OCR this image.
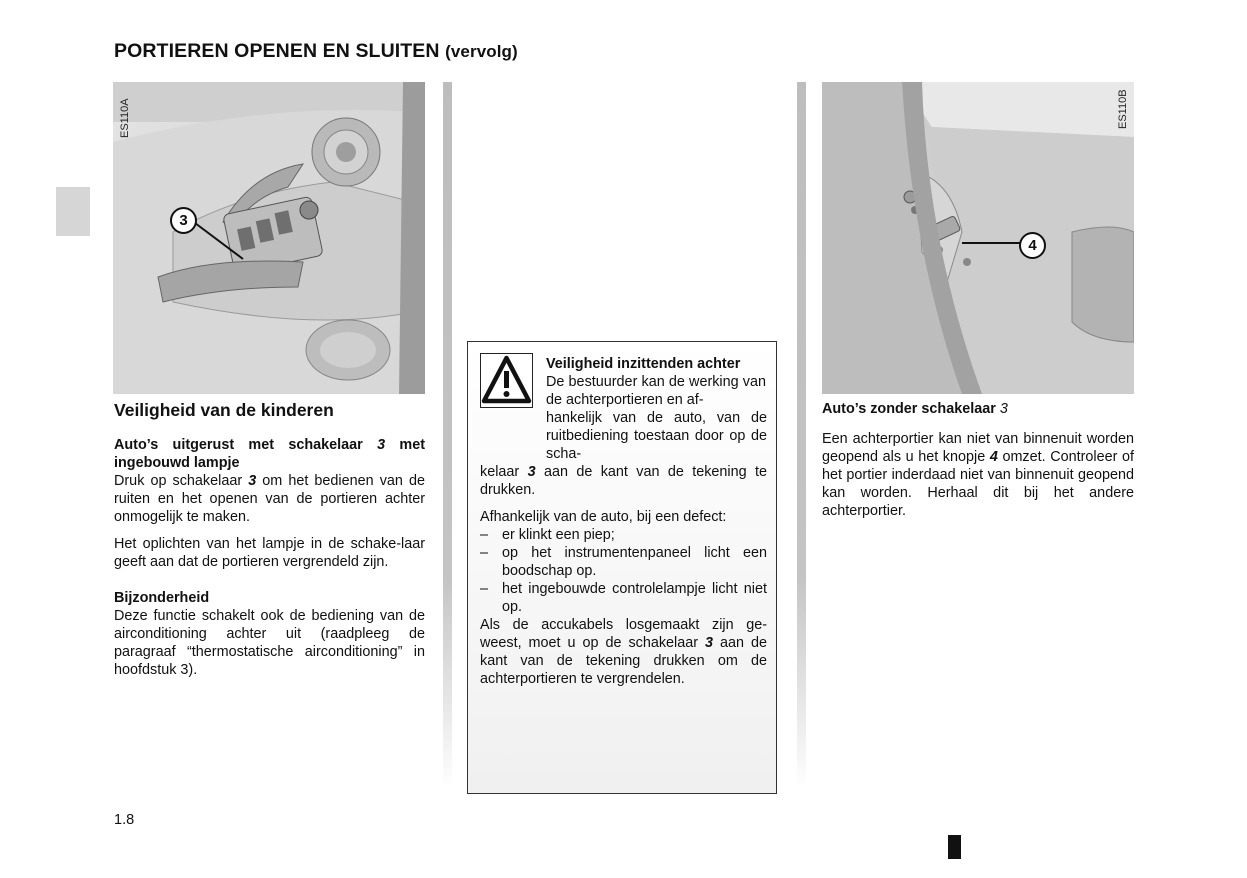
PORTIEREN OPENEN EN SLUITEN (vervolg)
ES110A
3
ES110B
4
Veiligheid van de kinderen
Auto’s uitgerust met schakelaar 3 met ingebouwd lampje

Druk op schakelaar 3 om het bedienen van de ruiten en het openen van de portieren achter onmogelijk te maken.

Het oplichten van het lampje in de schake-laar geeft aan dat de portieren vergrendeld zijn.

Bijzonderheid

Deze functie schakelt ook de bediening van de airconditioning achter uit (raadpleeg de paragraaf “thermostatische airconditioning” in hoofdstuk 3).

Veiligheid inzittenden achter
De bestuurder kan de werking van de achterportieren en af-

hankelijk van de auto, van de ruitbediening toestaan door op de scha-
kelaar 3 aan de kant van de tekening te drukken.

Afhankelijk van de auto, bij een defect:
– er klinkt een piep;
– op het instrumentenpaneel licht een boodschap op.
– het ingebouwde controlelampje licht niet op.
Als de accukabels losgemaakt zijn ge- weest, moet u op de schakelaar 3 aan de kant van de tekening drukken om de achterportieren te vergrendelen.
Auto’s zonder schakelaar 3

Een achterportier kan niet van binnenuit worden geopend als u het knopje 4 omzet. Controleer of het portier inderdaad niet van binnenuit geopend kan worden. Herhaal dit bij het andere achterportier.

1.8
